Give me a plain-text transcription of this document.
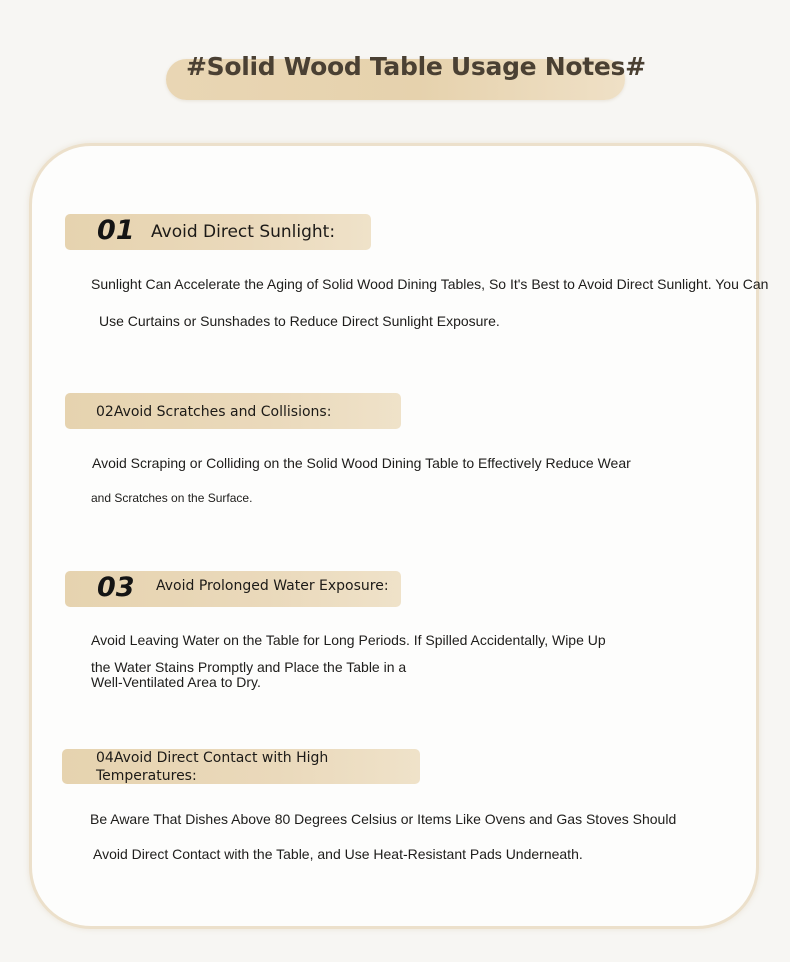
#Solid Wood Table Usage Notes#
01 Avoid Direct Sunlight:
Sunlight Can Accelerate the Aging of Solid Wood Dining Tables, So It's Best to Avoid Direct Sunlight. You Can
Use Curtains or Sunshades to Reduce Direct Sunlight Exposure.
02Avoid Scratches and Collisions:
Avoid Scraping or Colliding on the Solid Wood Dining Table to Effectively Reduce Wear
and Scratches on the Surface.
03 Avoid Prolonged Water Exposure:
Avoid Leaving Water on the Table for Long Periods. If Spilled Accidentally, Wipe Up
the Water Stains Promptly and Place the Table in a
Well-Ventilated Area to Dry.
04Avoid Direct Contact with High
Temperatures:
Be Aware That Dishes Above 80 Degrees Celsius or Items Like Ovens and Gas Stoves Should
Avoid Direct Contact with the Table, and Use Heat-Resistant Pads Underneath.
